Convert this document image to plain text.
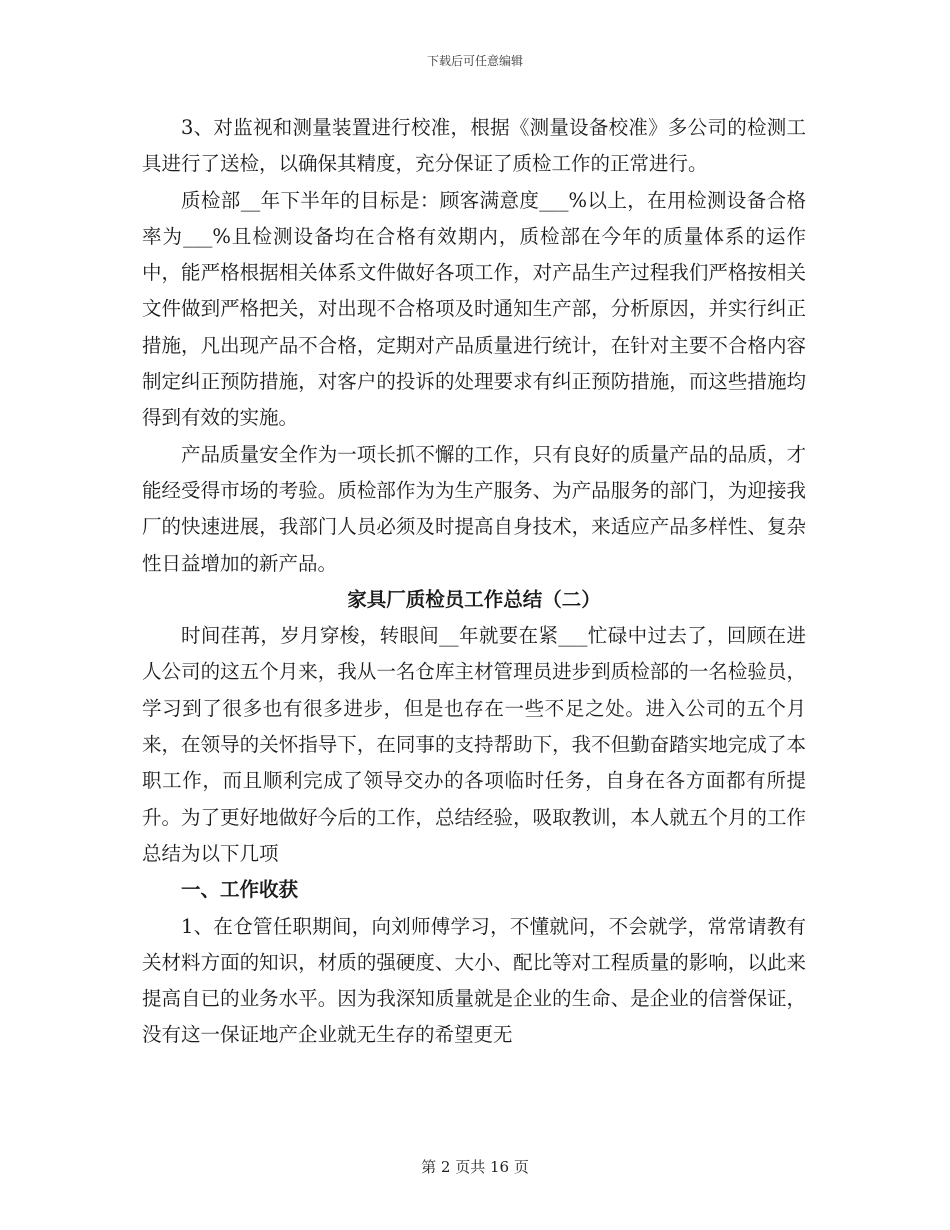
下载后可任意编辑

3、对监视和测量装置进行校准，根据《测量设备校准》多公司的检测工具进行了送检，以确保其精度，充分保证了质检工作的正常进行。

质检部__年下半年的目标是：顾客满意度___%以上，在用检测设备合格率为___%且检测设备均在合格有效期内，质检部在今年的质量体系的运作中，能严格根据相关体系文件做好各项工作，对产品生产过程我们严格按相关文件做到严格把关，对出现不合格项及时通知生产部，分析原因，并实行纠正措施，凡出现产品不合格，定期对产品质量进行统计，在针对主要不合格内容制定纠正预防措施，对客户的投诉的处理要求有纠正预防措施，而这些措施均得到有效的实施。

产品质量安全作为一项长抓不懈的工作，只有良好的质量产品的品质，才能经受得市场的考验。质检部作为为生产服务、为产品服务的部门，为迎接我厂的快速进展，我部门人员必须及时提高自身技术，来适应产品多样性、复杂性日益增加的新产品。

家具厂质检员工作总结（二）

时间荏苒，岁月穿梭，转眼间__年就要在紧___忙碌中过去了，回顾在进人公司的这五个月来，我从一名仓库主材管理员进步到质检部的一名检验员，学习到了很多也有很多进步，但是也存在一些不足之处。进入公司的五个月来，在领导的关怀指导下，在同事的支持帮助下，我不但勤奋踏实地完成了本职工作，而且顺利完成了领导交办的各项临时任务，自身在各方面都有所提升。为了更好地做好今后的工作，总结经验，吸取教训，本人就五个月的工作总结为以下几项

一、工作收获

1、在仓管任职期间，向刘师傅学习，不懂就问，不会就学，常常请教有关材料方面的知识，材质的强硬度、大小、配比等对工程质量的影响，以此来提高自已的业务水平。因为我深知质量就是企业的生命、是企业的信誉保证，没有这一保证地产企业就无生存的希望更无

第 2 页共 16 页
